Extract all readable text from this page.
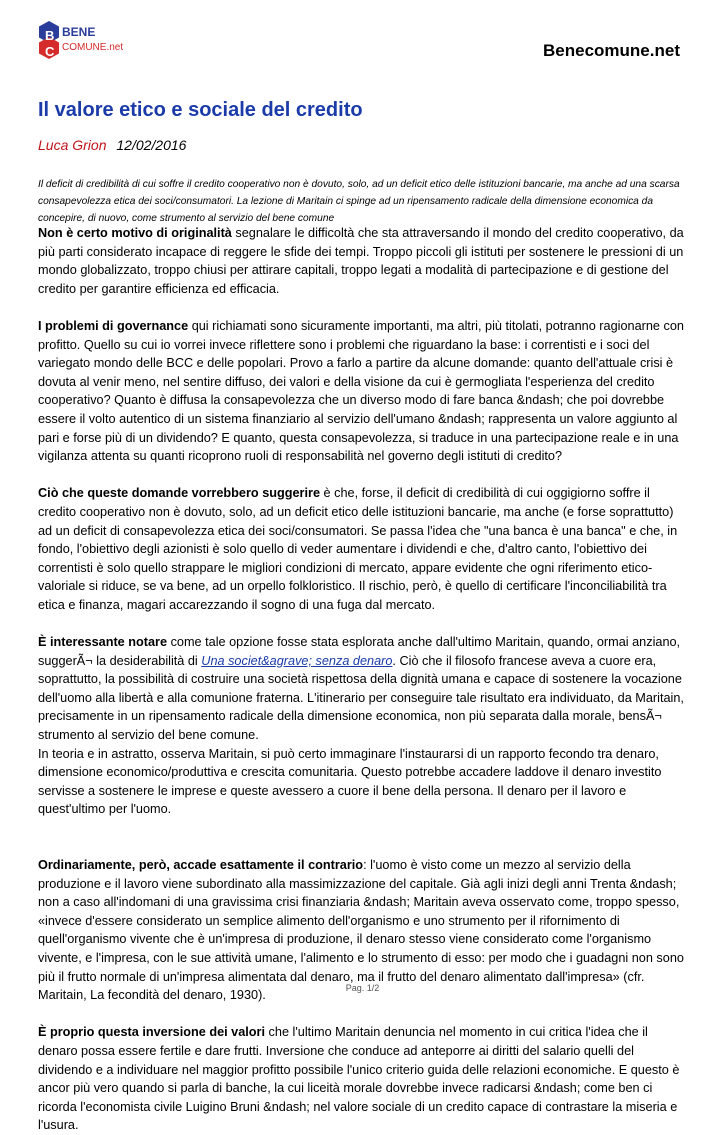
B
C
BENE
COMUNE.net	Benecomune.net
Il valore etico e sociale del credito
Luca Grion 12/02/2016

Il deficit di credibilità di cui soffre il credito cooperativo non è dovuto, solo, ad un deficit etico delle istituzioni bancarie, ma anche ad una scarsa consapevolezza etica dei soci/consumatori. La lezione di Maritain ci spinge ad un ripensamento radicale della dimensione economica da concepire, di nuovo, come strumento al servizio del bene comune

Non è certo motivo di originalità segnalare le difficoltà che sta attraversando il mondo del credito cooperativo, da più parti considerato incapace di reggere le sfide dei tempi. Troppo piccoli gli istituti per sostenere le pressioni di un mondo globalizzato, troppo chiusi per attirare capitali, troppo legati a modalità di partecipazione e di gestione del credito per garantire efficienza ed efficacia.

I problemi di governance qui richiamati sono sicuramente importanti, ma altri, più titolati, potranno ragionarne con profitto. Quello su cui io vorrei invece riflettere sono i problemi che riguardano la base: i correntisti e i soci del variegato mondo delle BCC e delle popolari. Provo a farlo a partire da alcune domande: quanto dell'attuale crisi è dovuta al venir meno, nel sentire diffuso, dei valori e della visione da cui è germogliata l'esperienza del credito cooperativo? Quanto è diffusa la consapevolezza che un diverso modo di fare banca &ndash; che poi dovrebbe essere il volto autentico di un sistema finanziario al servizio dell'umano &ndash; rappresenta un valore aggiunto al pari e forse più di un dividendo? E quanto, questa consapevolezza, si traduce in una partecipazione reale e in una vigilanza attenta su quanti ricoprono ruoli di responsabilità nel governo degli istituti di credito?

Ciò che queste domande vorrebbero suggerire è che, forse, il deficit di credibilità di cui oggigiorno soffre il credito cooperativo non è dovuto, solo, ad un deficit etico delle istituzioni bancarie, ma anche (e forse soprattutto) ad un deficit di consapevolezza etica dei soci/consumatori. Se passa l'idea che "una banca è una banca" e che, in fondo, l'obiettivo degli azionisti è solo quello di veder aumentare i dividendi e che, d'altro canto, l'obiettivo dei correntisti è solo quello strappare le migliori condizioni di mercato, appare evidente che ogni riferimento etico-valoriale si riduce, se va bene, ad un orpello folkloristico. Il rischio, però, è quello di certificare l'inconciliabilità tra etica e finanza, magari accarezzando il sogno di una fuga dal mercato.

È interessante notare come tale opzione fosse stata esplorata anche dall'ultimo Maritain, quando, ormai anziano, suggerÃ¬ la desiderabilità di Una societ&agrave; senza denaro. Ciò che il filosofo francese aveva a cuore era, soprattutto, la possibilità di costruire una società rispettosa della dignità umana e capace di sostenere la vocazione dell'uomo alla libertà e alla comunione fraterna. L'itinerario per conseguire tale risultato era individuato, da Maritain, precisamente in un ripensamento radicale della dimensione economica, non più separata dalla morale, bensÃ¬ strumento al servizio del bene comune.

In teoria e in astratto, osserva Maritain, si può certo immaginare l'instaurarsi di un rapporto fecondo tra denaro, dimensione economico/produttiva e crescita comunitaria. Questo potrebbe accadere laddove il denaro investito servisse a sostenere le imprese e queste avessero a cuore il bene della persona. Il denaro per il lavoro e quest'ultimo per l'uomo.

Ordinariamente, però, accade esattamente il contrario: l'uomo è visto come un mezzo al servizio della produzione e il lavoro viene subordinato alla massimizzazione del capitale. Già agli inizi degli anni Trenta &ndash; non a caso all'indomani di una gravissima crisi finanziaria &ndash; Maritain aveva osservato come, troppo spesso, «invece d'essere considerato un semplice alimento dell'organismo e uno strumento per il rifornimento di quell'organismo vivente che è un'impresa di produzione, il denaro stesso viene considerato come l'organismo vivente, e l'impresa, con le sue attività umane, l'alimento e lo strumento di esso: per modo che i guadagni non sono più il frutto normale di un'impresa alimentata dal denaro, ma il frutto del denaro alimentato dall'impresa» (cfr. Maritain, La fecondità del denaro, 1930).

È proprio questa inversione dei valori che l'ultimo Maritain denuncia nel momento in cui critica l'idea che il denaro possa essere fertile e dare frutti. Inversione che conduce ad anteporre ai diritti del salario quelli del dividendo e a individuare nel maggior profitto possibile l'unico criterio guida delle relazioni economiche. E questo è ancor più vero quando si parla di banche, la cui liceità morale dovrebbe invece radicarsi &ndash; come ben ci ricorda l'economista civile Luigino Bruni &ndash; nel valore sociale di un credito capace di contrastare la miseria e l'usura.

Pag. 1/2
